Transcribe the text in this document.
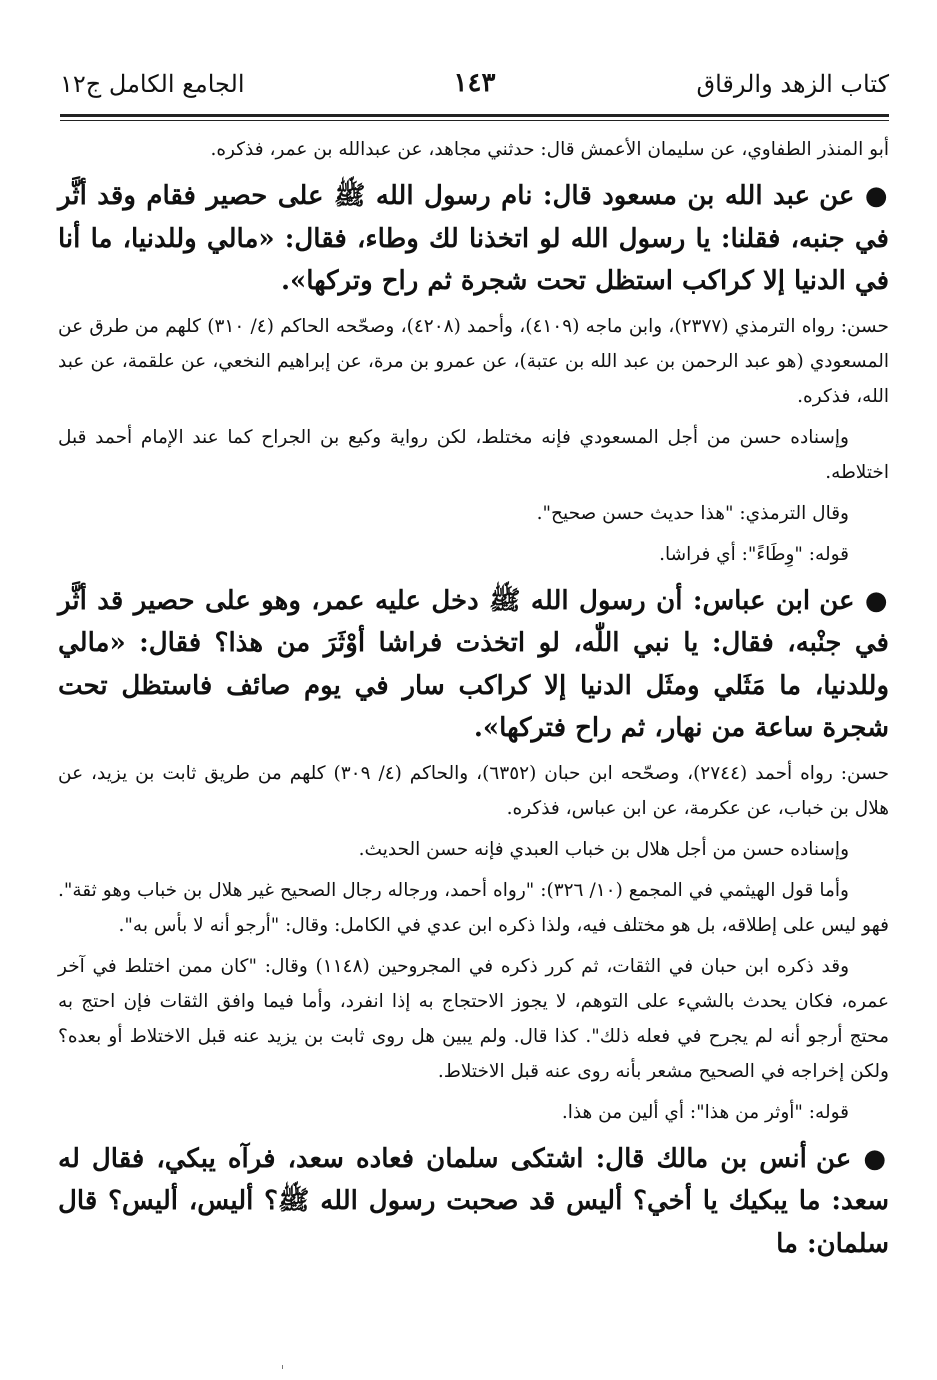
كتاب الزهد والرقاق
١٤٣
الجامع الكامل ج١٢

أبو المنذر الطفاوي، عن سليمان الأعمش قال: حدثني مجاهد، عن عبدالله بن عمر، فذكره.

● عن عبد الله بن مسعود قال: نام رسول الله ﷺ على حصير فقام وقد أثَّر في جنبه، فقلنا: يا رسول الله لو اتخذنا لك وطاء، فقال: «مالي وللدنيا، ما أنا في الدنيا إلا كراكب استظل تحت شجرة ثم راح وتركها».

حسن: رواه الترمذي (٢٣٧٧)، وابن ماجه (٤١٠٩)، وأحمد (٤٢٠٨)، وصحّحه الحاكم (٤/ ٣١٠) كلهم من طرق عن المسعودي (هو عبد الرحمن بن عبد الله بن عتبة)، عن عمرو بن مرة، عن إبراهيم النخعي، عن علقمة، عن عبد الله، فذكره.

وإسناده حسن من أجل المسعودي فإنه مختلط، لكن رواية وكيع بن الجراح كما عند الإمام أحمد قبل اختلاطه.

وقال الترمذي: "هذا حديث حسن صحيح".

قوله: "وِطَاءً": أي فراشا.

● عن ابن عباس: أن رسول الله ﷺ دخل عليه عمر، وهو على حصير قد أثَّر في جنْبه، فقال: يا نبي اللّٰه، لو اتخذت فراشا أوْثَرَ من هذا؟ فقال: «مالي وللدنيا، ما مَثَلي ومثَل الدنيا إلا كراكب سار في يوم صائف فاستظل تحت شجرة ساعة من نهار، ثم راح فتركها».

حسن: رواه أحمد (٢٧٤٤)، وصحّحه ابن حبان (٦٣٥٢)، والحاكم (٤/ ٣٠٩) كلهم من طريق ثابت بن يزيد، عن هلال بن خباب، عن عكرمة، عن ابن عباس، فذكره.

وإسناده حسن من أجل هلال بن خباب العبدي فإنه حسن الحديث.

وأما قول الهيثمي في المجمع (١٠/ ٣٢٦): "رواه أحمد، ورجاله رجال الصحيح غير هلال بن خباب وهو ثقة". فهو ليس على إطلاقه، بل هو مختلف فيه، ولذا ذكره ابن عدي في الكامل: وقال: "أرجو أنه لا بأس به".

وقد ذكره ابن حبان في الثقات، ثم كرر ذكره في المجروحين (١١٤٨) وقال: "كان ممن اختلط في آخر عمره، فكان يحدث بالشيء على التوهم، لا يجوز الاحتجاج به إذا انفرد، وأما فيما وافق الثقات فإن احتج به محتج أرجو أنه لم يجرح في فعله ذلك". كذا قال. ولم يبين هل روى ثابت بن يزيد عنه قبل الاختلاط أو بعده؟ ولكن إخراجه في الصحيح مشعر بأنه روى عنه قبل الاختلاط.

قوله: "أوثر من هذا": أي ألين من هذا.

● عن أنس بن مالك قال: اشتكى سلمان فعاده سعد، فرآه يبكي، فقال له سعد: ما يبكيك يا أخي؟ أليس قد صحبت رسول الله ﷺ؟ أليس، أليس؟ قال سلمان: ما
